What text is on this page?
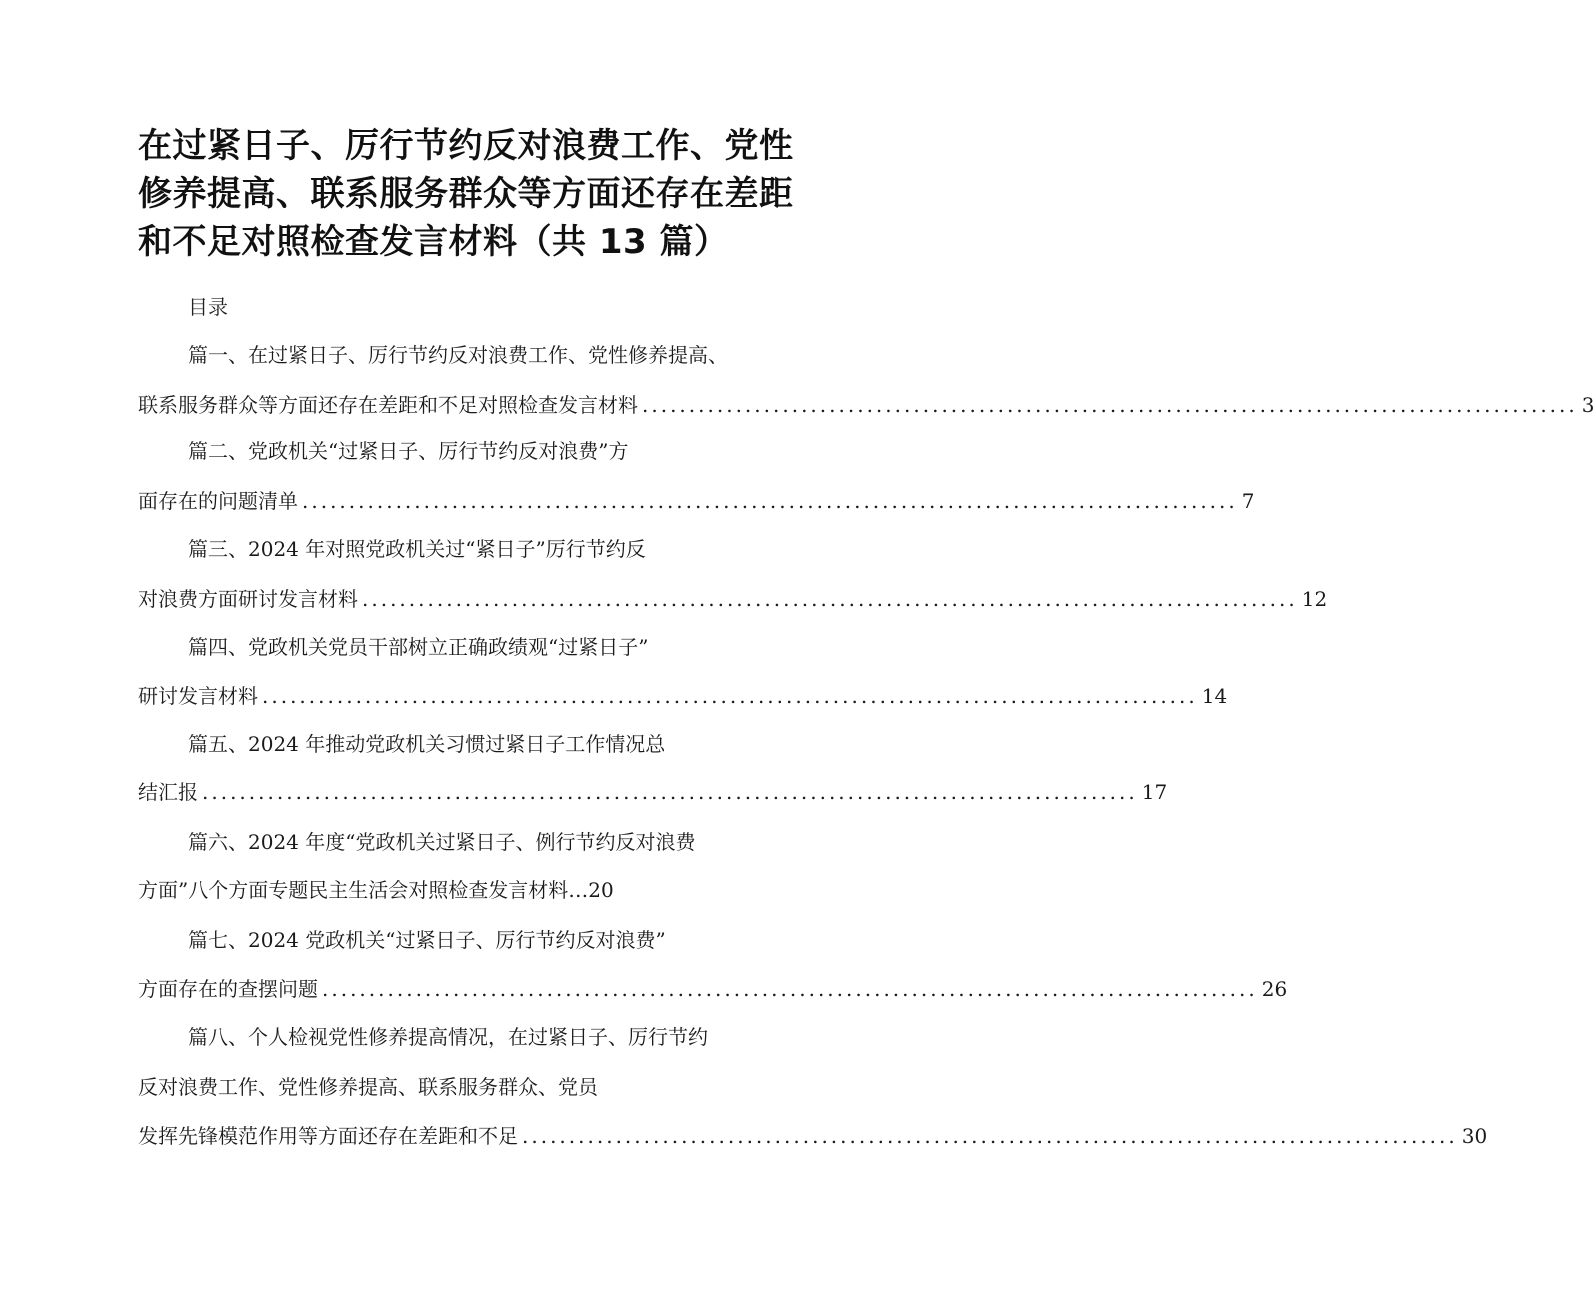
在过紧日子、厉行节约反对浪费工作、党性
修养提高、联系服务群众等方面还存在差距
和不足对照检查发言材料（共 13 篇）
目录
篇一、在过紧日子、厉行节约反对浪费工作、党性修养提高、
联系服务群众等方面还存在差距和不足对照检查发言材料 .................................................................................................... 3
篇二、党政机关“过紧日子、厉行节约反对浪费”方
面存在的问题清单 .................................................................................................... 7
篇三、2024 年对照党政机关过“紧日子”厉行节约反
对浪费方面研讨发言材料 .................................................................................................... 12
篇四、党政机关党员干部树立正确政绩观“过紧日子”
研讨发言材料 .................................................................................................... 14
篇五、2024 年推动党政机关习惯过紧日子工作情况总
结汇报 .................................................................................................... 17
篇六、2024 年度“党政机关过紧日子、例行节约反对浪费
方面”八个方面专题民主生活会对照检查发言材料…20
篇七、2024 党政机关“过紧日子、厉行节约反对浪费”
方面存在的查摆问题 .................................................................................................... 26
篇八、个人检视党性修养提高情况，在过紧日子、厉行节约
反对浪费工作、党性修养提高、联系服务群众、党员
发挥先锋模范作用等方面还存在差距和不足 .................................................................................................... 30
